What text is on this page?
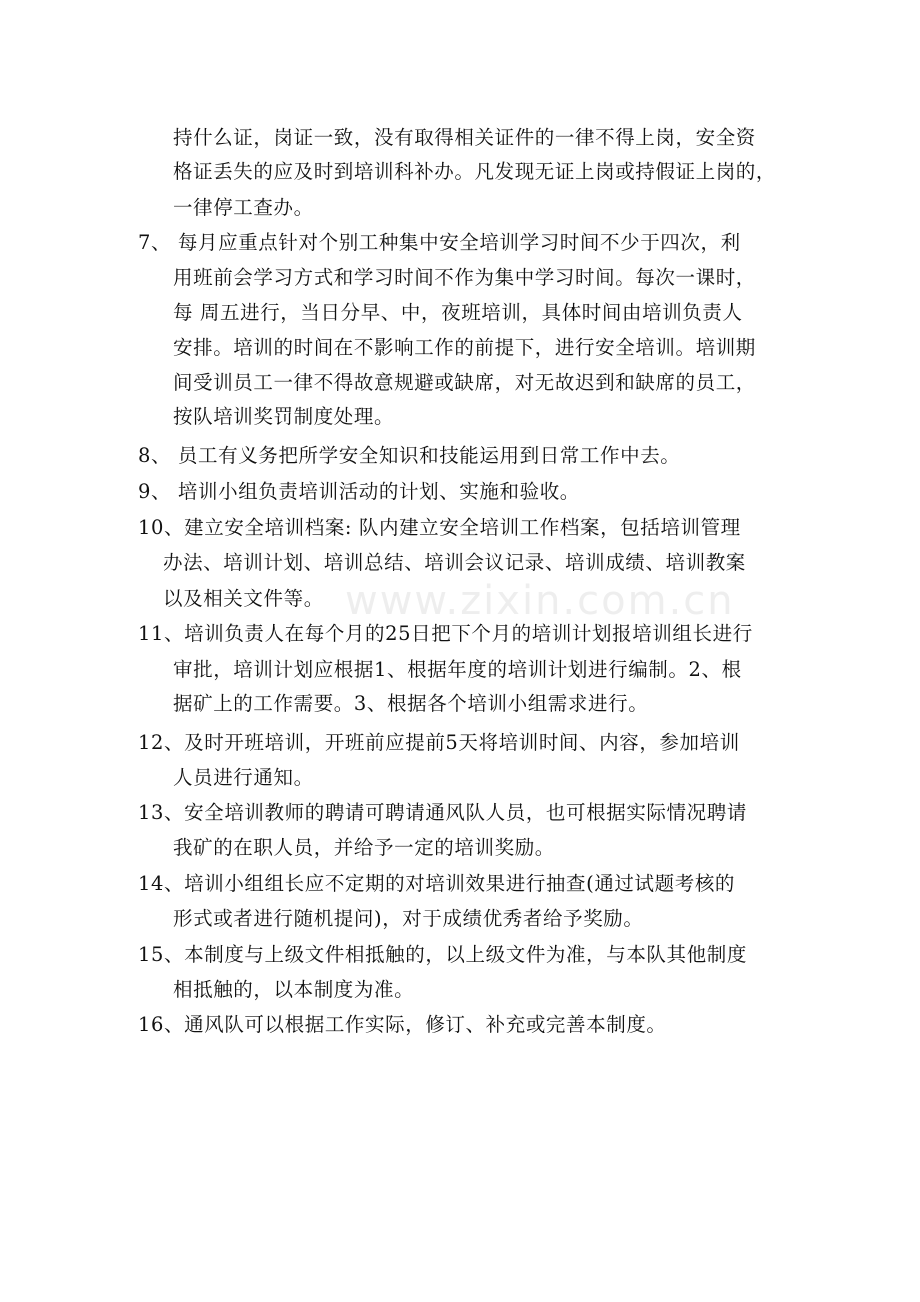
www.zixin.com.cn
持什么证，岗证一致，没有取得相关证件的一律不得上岗，安全资
格证丢失的应及时到培训科补办。凡发现无证上岗或持假证上岗的，
一律停工查办。
7、 每月应重点针对个别工种集中安全培训学习时间不少于四次，利
用班前会学习方式和学习时间不作为集中学习时间。每次一课时，
每 周五进行，当日分早、中，夜班培训，具体时间由培训负责人
安排。培训的时间在不影响工作的前提下，进行安全培训。培训期
间受训员工一律不得故意规避或缺席，对无故迟到和缺席的员工，
按队培训奖罚制度处理。
8、 员工有义务把所学安全知识和技能运用到日常工作中去。
9、 培训小组负责培训活动的计划、实施和验收。
10、建立安全培训档案: 队内建立安全培训工作档案，包括培训管理
办法、培训计划、培训总结、培训会议记录、培训成绩、培训教案
以及相关文件等。
11、培训负责人在每个月的25日把下个月的培训计划报培训组长进行
审批，培训计划应根据1、根据年度的培训计划进行编制。2、根
据矿上的工作需要。3、根据各个培训小组需求进行。
12、及时开班培训，开班前应提前5天将培训时间、内容，参加培训
人员进行通知。
13、安全培训教师的聘请可聘请通风队人员，也可根据实际情况聘请
我矿的在职人员，并给予一定的培训奖励。
14、培训小组组长应不定期的对培训效果进行抽查(通过试题考核的
形式或者进行随机提问)，对于成绩优秀者给予奖励。
15、本制度与上级文件相抵触的，以上级文件为准，与本队其他制度
相抵触的，以本制度为准。
16、通风队可以根据工作实际，修订、补充或完善本制度。
